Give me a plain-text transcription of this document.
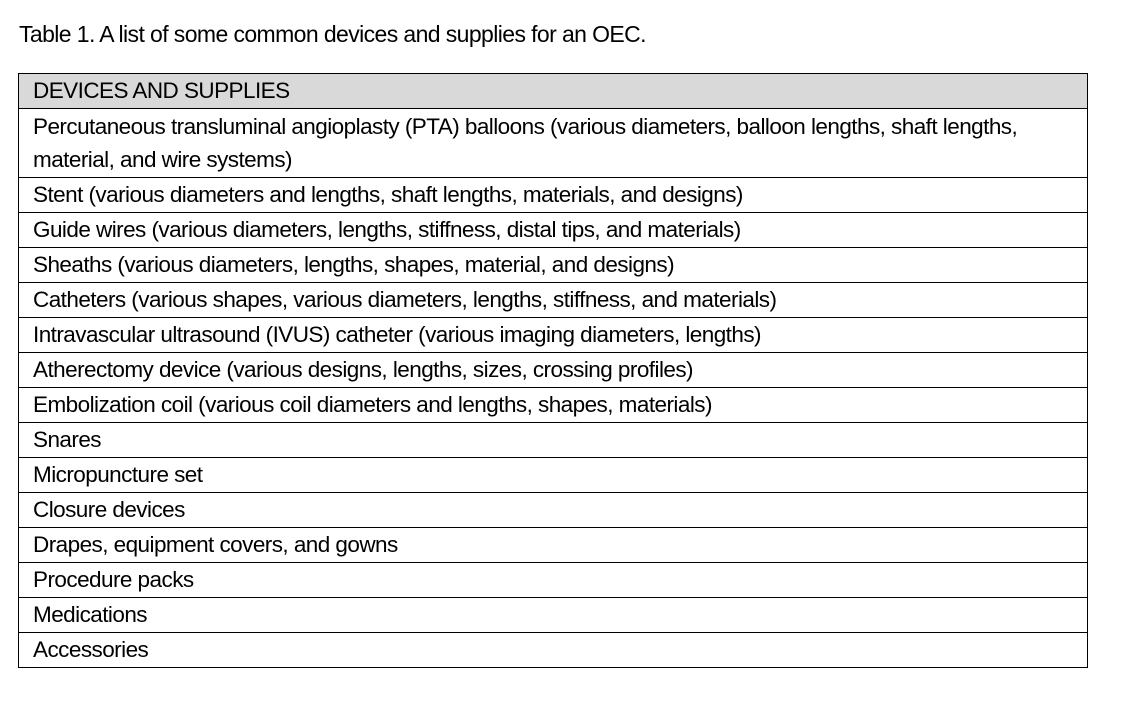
Table 1. A list of some common devices and supplies for an OEC.
DEVICES AND SUPPLIES
Percutaneous transluminal angioplasty (PTA) balloons (various diameters, balloon lengths, shaft lengths, material, and wire systems)
Stent (various diameters and lengths, shaft lengths, materials, and designs)
Guide wires (various diameters, lengths, stiffness, distal tips, and materials)
Sheaths (various diameters, lengths, shapes, material, and designs)
Catheters (various shapes, various diameters, lengths, stiffness, and materials)
Intravascular ultrasound (IVUS) catheter (various imaging diameters, lengths)
Atherectomy device (various designs, lengths, sizes, crossing profiles)
Embolization coil (various coil diameters and lengths, shapes, materials)
Snares
Micropuncture set
Closure devices
Drapes, equipment covers, and gowns
Procedure packs
Medications
Accessories
